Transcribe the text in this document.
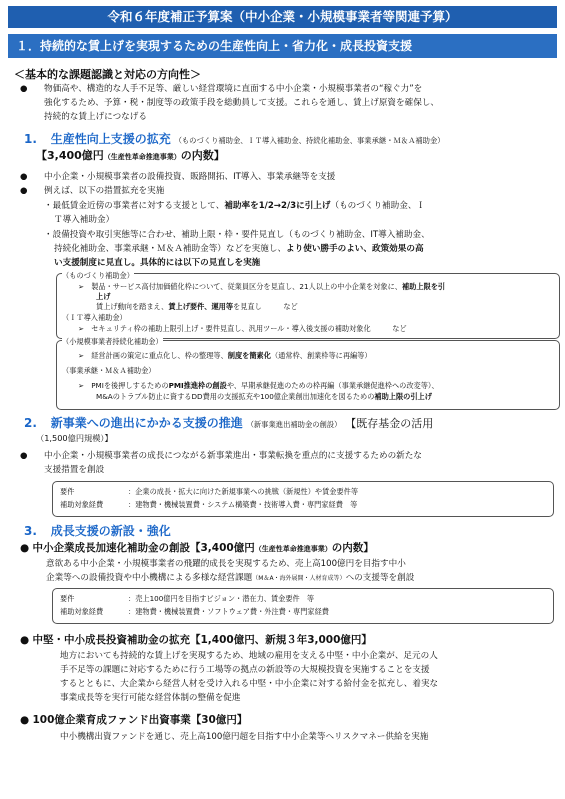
令和６年度補正予算案（中小企業・小規模事業者等関連予算）
１．持続的な賃上げを実現するための生産性向上・省力化・成長投資支援
＜基本的な課題認識と対応の方向性＞
● 物価高や、構造的な人手不足等、厳しい経営環境に直面する中小企業・小規模事業者の“稼ぐ力”を
強化するため、予算・税・制度等の政策手段を総動員して支援。これらを通し、賃上げ原資を確保し、
持続的な賃上げにつなげる
1. 生産性向上支援の拡充 （ものづくり補助金、ＩＴ導入補助金、持続化補助金、事業承継・Ｍ＆Ａ補助金）
【3,400億円（生産性革命推進事業）の内数】
● 中小企業・小規模事業者の設備投資、販路開拓、IT導入、事業承継等を支援
● 例えば、以下の措置拡充を実施
・最低賃金近傍の事業者に対する支援として、補助率を1/2→2/3に引上げ（ものづくり補助金、Ｉ
Ｔ導入補助金）
・設備投資や取引実態等に合わせ、補助上限・枠・要件見直し（ものづくり補助金、IT導入補助金、
持続化補助金、事業承継・Ｍ＆Ａ補助金等）などを実施し、より使い勝手のよい、政策効果の高
い支援制度に見直し。具体的には以下の見直しを実施
（ものづくり補助金）
➢　製品・サービス高付加価値化枠について、従業員区分を見直し、21人以上の中小企業を対象に、補助上限を引
上げ
賃上げ動向を踏まえ、賃上げ要件、運用等を見直し　　　など
（ＩＴ導入補助金）
➢　セキュリティ枠の補助上限引上げ・要件見直し、汎用ツール・導入後支援の補助対象化　　　など
（小規模事業者持続化補助金）
➢　経営計画の策定に重点化し、枠の整理等、制度を簡素化（通常枠、創業枠等に再編等）
（事業承継・Ｍ＆Ａ補助金）
➢　PMIを後押しするためのPMI推進枠の創設や、早期承継促進のための枠再編（事業承継促進枠への改変等）、
M&Aのトラブル防止に資するDD費用の支援拡充や100億企業創出加速化を図るための補助上限の引上げ
2. 新事業への進出にかかる支援の推進 （新事業進出補助金の創設） 【既存基金の活用
（1,500億円規模）】
● 中小企業・小規模事業者の成長につながる新事業進出・事業転換を重点的に支援するための新たな
支援措置を創設
要件	：企業の成長・拡大に向けた新規事業への挑戦（新規性）や賃金要件等
補助対象経費	：建物費・機械装置費・システム構築費・技術導入費・専門家経費　等
3. 成長支援の新設・強化
● 中小企業成長加速化補助金の創設【3,400億円（生産性革命推進事業）の内数】
意欲ある中小企業・小規模事業者の飛躍的成長を実現するため、売上高100億円を目指す中小
企業等への設備投資や中小機構による多様な経営課題（M＆A・海外展開・人材育成等）への支援等を創設
要件	：売上100億円を目指すビジョン・潜在力、賃金要件　等
補助対象経費	：建物費・機械装置費・ソフトウェア費・外注費・専門家経費
● 中堅・中小成長投資補助金の拡充【1,400億円、新規３年3,000億円】
地方においても持続的な賃上げを実現するため、地域の雇用を支える中堅・中小企業が、足元の人
手不足等の課題に対応するために行う工場等の拠点の新設等の大規模投資を実施することを支援
するとともに、大企業から経営人材を受け入れる中堅・中小企業に対する給付金を拡充し、着実な
事業成長等を実行可能な経営体制の整備を促進
● 100億企業育成ファンド出資事業【30億円】
中小機構出資ファンドを通じ、売上高100億円超を目指す中小企業等へリスクマネー供給を実施
